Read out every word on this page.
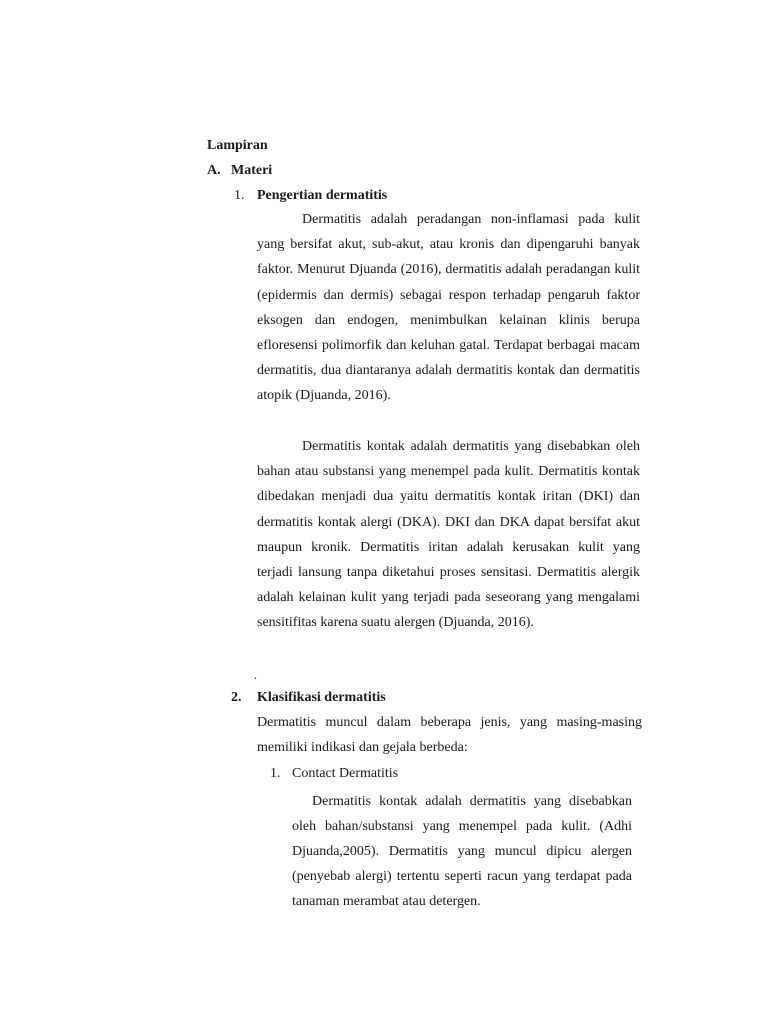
Lampiran
A. Materi
1. Pengertian dermatitis

Dermatitis adalah peradangan non-inflamasi pada kulit yang bersifat akut, sub-akut, atau kronis dan dipengaruhi banyak faktor. Menurut Djuanda (2016), dermatitis adalah peradangan kulit (epidermis dan dermis) sebagai respon terhadap pengaruh faktor eksogen dan endogen, menimbulkan kelainan klinis berupa efloresensi polimorfik dan keluhan gatal. Terdapat berbagai macam dermatitis, dua diantaranya adalah dermatitis kontak dan dermatitis atopik (Djuanda, 2016).

Dermatitis kontak adalah dermatitis yang disebabkan oleh bahan atau substansi yang menempel pada kulit. Dermatitis kontak dibedakan menjadi dua yaitu dermatitis kontak iritan (DKI) dan dermatitis kontak alergi (DKA). DKI dan DKA dapat bersifat akut maupun kronik. Dermatitis iritan adalah kerusakan kulit yang terjadi lansung tanpa diketahui proses sensitasi. Dermatitis alergik adalah kelainan kulit yang terjadi pada seseorang yang mengalami sensitifitas karena suatu alergen (Djuanda, 2016).

.
2. Klasifikasi dermatitis

Dermatitis muncul dalam beberapa jenis, yang masing-masing memiliki indikasi dan gejala berbeda:

1. Contact Dermatitis

Dermatitis kontak adalah dermatitis yang disebabkan oleh bahan/substansi yang menempel pada kulit. (Adhi Djuanda,2005). Dermatitis yang muncul dipicu alergen (penyebab alergi) tertentu seperti racun yang terdapat pada tanaman merambat atau detergen.
